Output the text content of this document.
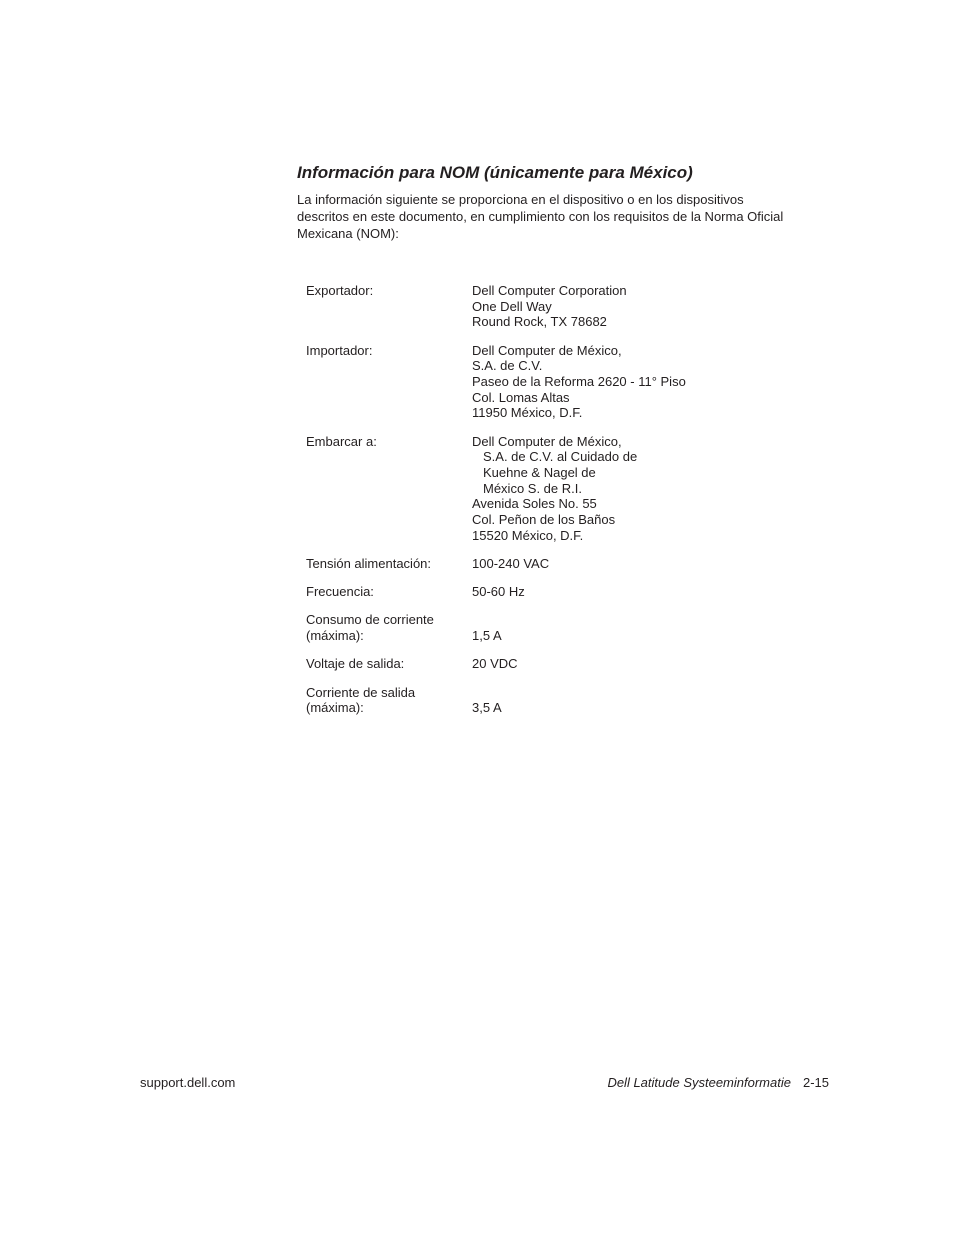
Información para NOM (únicamente para México)

La información siguiente se proporciona en el dispositivo o en los dispositivos
descritos en este documento, en cumplimiento con los requisitos de la Norma Oficial
Mexicana (NOM):

Exportador:	Dell Computer Corporation
One Dell Way
Round Rock, TX 78682
Importador:	Dell Computer de México,
S.A. de C.V.
Paseo de la Reforma 2620 - 11° Piso
Col. Lomas Altas
11950 México, D.F.
Embarcar a:	Dell Computer de México,
S.A. de C.V. al Cuidado de
Kuehne & Nagel de
México S. de R.I.
Avenida Soles No. 55
Col. Peñon de los Baños
15520 México, D.F.
Tensión alimentación:	100-240 VAC
Frecuencia:	50-60 Hz
Consumo de corriente
(máxima):
	1,5 A
Voltaje de salida:	20 VDC
Corriente de salida
(máxima):
	3,5 A
support.dell.com	Dell Latitude Systeeminformatie 2-15
